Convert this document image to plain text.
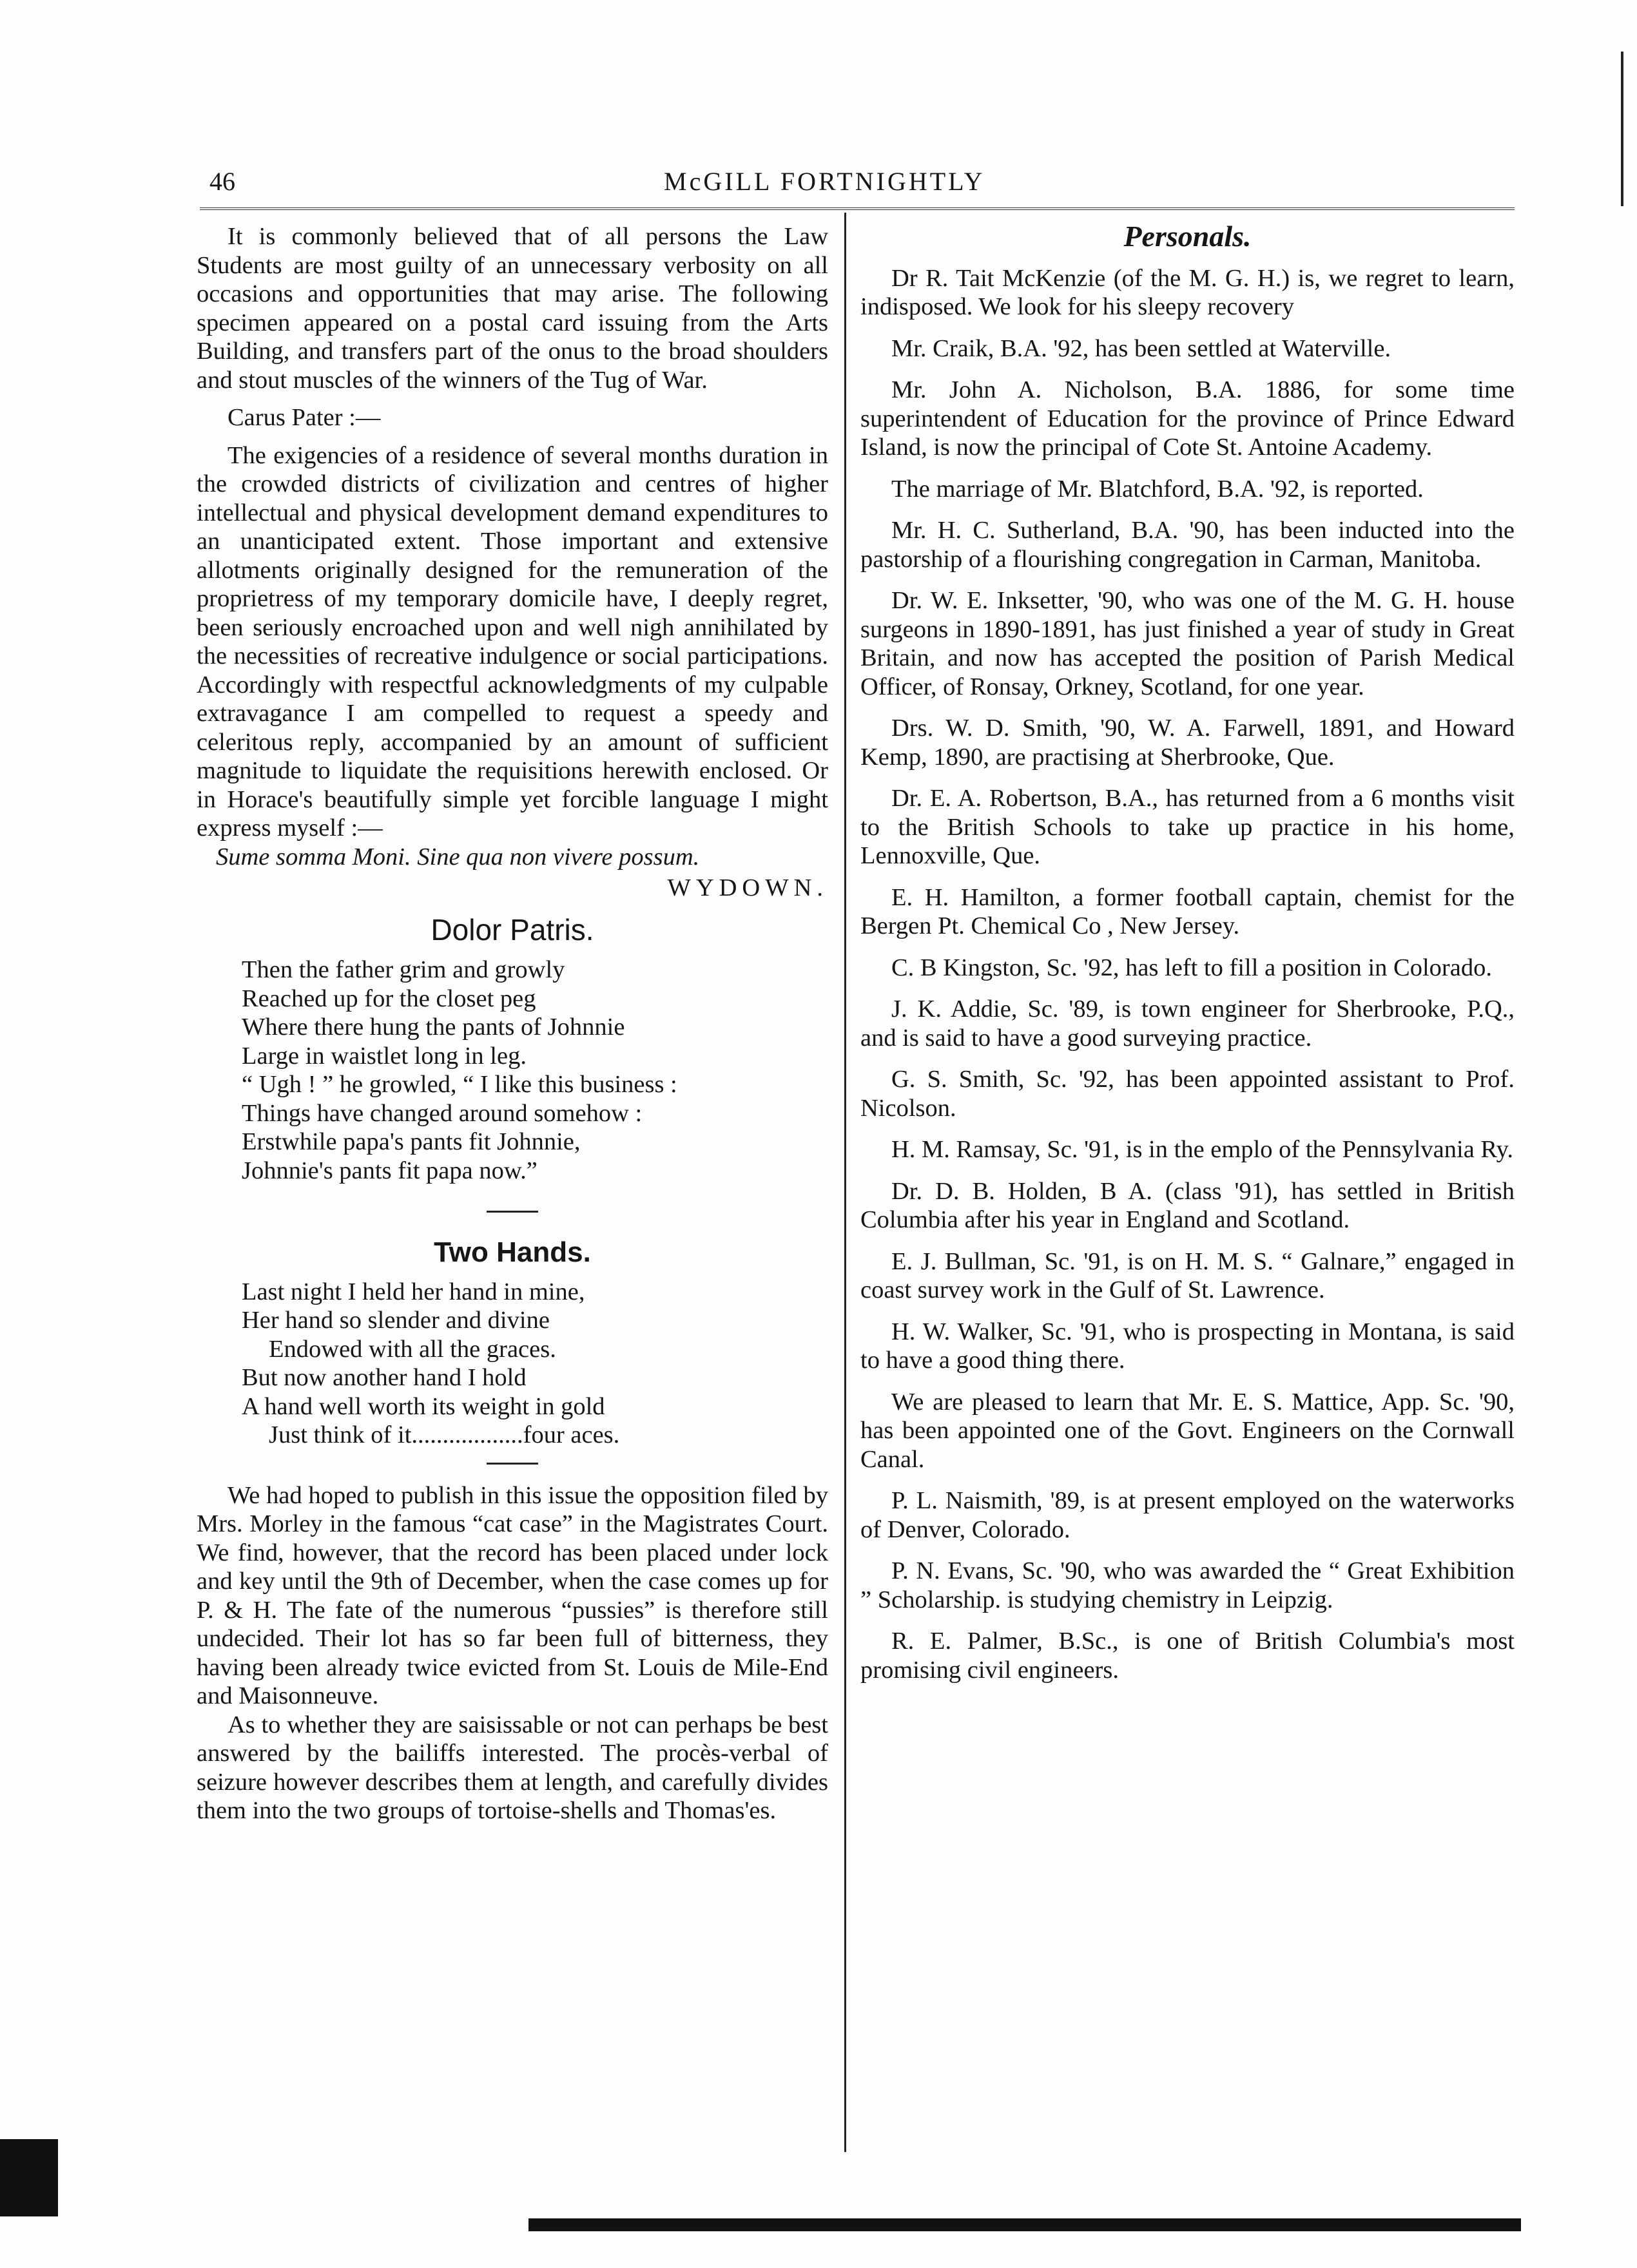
46	McGILL FORTNIGHTLY

It is commonly believed that of all persons the Law Students are most guilty of an unnecessary verbosity on all occasions and opportunities that may arise. The following specimen appeared on a postal card issuing from the Arts Building, and transfers part of the onus to the broad shoulders and stout muscles of the winners of the Tug of War.

Carus Pater :—

The exigencies of a residence of several months duration in the crowded districts of civilization and centres of higher intellectual and physical development demand expenditures to an unanticipated extent. Those important and extensive allotments originally designed for the remuneration of the proprietress of my temporary domicile have, I deeply regret, been seriously encroached upon and well nigh annihilated by the necessities of recreative indulgence or social participations. Accordingly with respectful acknowledgments of my culpable extravagance I am compelled to request a speedy and celeritous reply, accompanied by an amount of sufficient magnitude to liquidate the requisitions herewith enclosed. Or in Horace's beautifully simple yet forcible language I might express myself :—

Sume somma Moni. Sine qua non vivere possum.

WYDOWN.

Dolor Patris.
Then the father grim and growly
Reached up for the closet peg
Where there hung the pants of Johnnie
Large in waistlet long in leg.
“ Ugh ! ” he growled, “ I like this business :
Things have changed around somehow :
Erstwhile papa's pants fit Johnnie,
Johnnie's pants fit papa now.”
Two Hands.
Last night I held her hand in mine,
Her hand so slender and divine
Endowed with all the graces.
But now another hand I hold
A hand well worth its weight in gold
Just think of it..................four aces.

We had hoped to publish in this issue the opposition filed by Mrs. Morley in the famous “cat case” in the Magistrates Court. We find, however, that the record has been placed under lock and key until the 9th of December, when the case comes up for P. & H. The fate of the numerous “pussies” is therefore still undecided. Their lot has so far been full of bitterness, they having been already twice evicted from St. Louis de Mile-End and Maisonneuve.

As to whether they are saisissable or not can perhaps be best answered by the bailiffs interested. The procès-verbal of seizure however describes them at length, and carefully divides them into the two groups of tortoise-shells and Thomas'es.

Personals.

Dr R. Tait McKenzie (of the M. G. H.) is, we regret to learn, indisposed. We look for his sleepy recovery

Mr. Craik, B.A. '92, has been settled at Waterville.

Mr. John A. Nicholson, B.A. 1886, for some time superintendent of Education for the province of Prince Edward Island, is now the principal of Cote St. Antoine Academy.

The marriage of Mr. Blatchford, B.A. '92, is reported.

Mr. H. C. Sutherland, B.A. '90, has been inducted into the pastorship of a flourishing congregation in Carman, Manitoba.

Dr. W. E. Inksetter, '90, who was one of the M. G. H. house surgeons in 1890-1891, has just finished a year of study in Great Britain, and now has accepted the position of Parish Medical Officer, of Ronsay, Orkney, Scotland, for one year.

Drs. W. D. Smith, '90, W. A. Farwell, 1891, and Howard Kemp, 1890, are practising at Sherbrooke, Que.

Dr. E. A. Robertson, B.A., has returned from a 6 months visit to the British Schools to take up practice in his home, Lennoxville, Que.

E. H. Hamilton, a former football captain, chemist for the Bergen Pt. Chemical Co , New Jersey.

C. B Kingston, Sc. '92, has left to fill a position in Colorado.

J. K. Addie, Sc. '89, is town engineer for Sherbrooke, P.Q., and is said to have a good surveying practice.

G. S. Smith, Sc. '92, has been appointed assistant to Prof. Nicolson.

H. M. Ramsay, Sc. '91, is in the emplo of the Pennsylvania Ry.

Dr. D. B. Holden, B A. (class '91), has settled in British Columbia after his year in England and Scotland.

E. J. Bullman, Sc. '91, is on H. M. S. “ Galnare,” engaged in coast survey work in the Gulf of St. Lawrence.

H. W. Walker, Sc. '91, who is prospecting in Montana, is said to have a good thing there.

We are pleased to learn that Mr. E. S. Mattice, App. Sc. '90, has been appointed one of the Govt. Engineers on the Cornwall Canal.

P. L. Naismith, '89, is at present employed on the waterworks of Denver, Colorado.

P. N. Evans, Sc. '90, who was awarded the “ Great Exhibition ” Scholarship. is studying chemistry in Leipzig.

R. E. Palmer, B.Sc., is one of British Columbia's most promising civil engineers.
